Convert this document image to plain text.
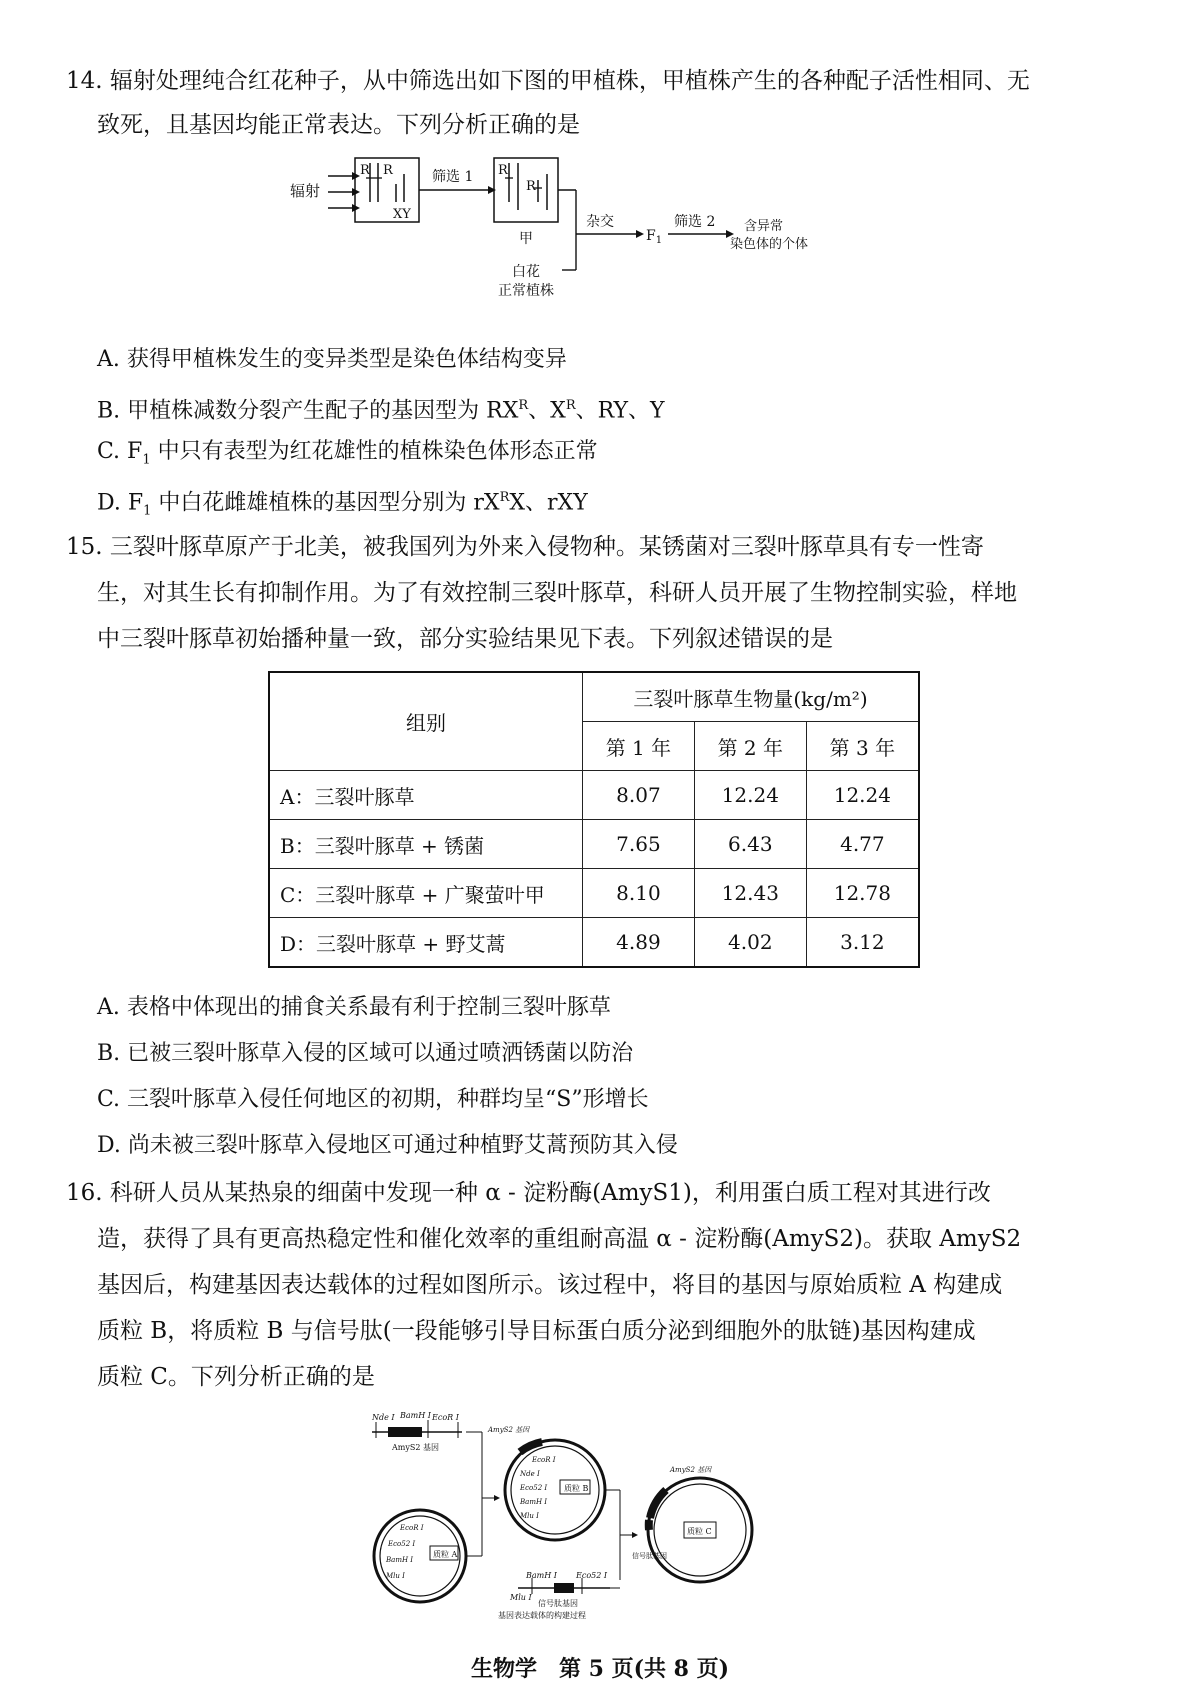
14. 辐射处理纯合红花种子，从中筛选出如下图的甲植株，甲植株产生的各种配子活性相同、无
致死，且基因均能正常表达。下列分析正确的是
辐射
R R
XY
筛选 1 R
R
甲
杂交
$F_1$
筛选 2 含异常
染色体的个体
白花
正常植株
A. 获得甲植株发生的变异类型是染色体结构变异
B. 甲植株减数分裂产生配子的基因型为 $RX^R$、$X^R$、RY、Y
C. $F_1$ 中只有表型为红花雄性的植株染色体形态正常
D. $F_1$ 中白花雌雄植株的基因型分别为 $rX^RX$、rXY
15. 三裂叶豚草原产于北美，被我国列为外来入侵物种。某锈菌对三裂叶豚草具有专一性寄
生，对其生长有抑制作用。为了有效控制三裂叶豚草，科研人员开展了生物控制实验，样地
中三裂叶豚草初始播种量一致，部分实验结果见下表。下列叙述错误的是
组别	三裂叶豚草生物量(kg/m²)		
	第 1 年	第 2 年	第 3 年
A：三裂叶豚草	8.07	12.24	12.24
B：三裂叶豚草 + 锈菌	7.65	6.43	4.77
C：三裂叶豚草 + 广聚萤叶甲	8.10	12.43	12.78
D：三裂叶豚草 + 野艾蒿	4.89	4.02	3.12
A. 表格中体现出的捕食关系最有利于控制三裂叶豚草
B. 已被三裂叶豚草入侵的区域可以通过喷洒锈菌以防治
C. 三裂叶豚草入侵任何地区的初期，种群均呈“S”形增长
D. 尚未被三裂叶豚草入侵地区可通过种植野艾蒿预防其入侵
16. 科研人员从某热泉的细菌中发现一种 α - 淀粉酶(AmyS1)，利用蛋白质工程对其进行改
造，获得了具有更高热稳定性和催化效率的重组耐高温 α - 淀粉酶(AmyS2)。获取 AmyS2
基因后，构建基因表达载体的过程如图所示。该过程中，将目的基因与原始质粒 A 构建成
质粒 B，将质粒 B 与信号肽(一段能够引导目标蛋白质分泌到细胞外的肽链)基因构建成
质粒 C。下列分析正确的是
Nde Ⅰ BamH Ⅰ EcoR Ⅰ
AmyS2 基因
质粒 A
EcoR Ⅰ
Eco52 Ⅰ
BamH Ⅰ
Mlu Ⅰ
AmyS2 基因
质粒 B
EcoR Ⅰ
Nde Ⅰ
Eco52 Ⅰ
BamH Ⅰ
Mlu Ⅰ
BamH Ⅰ Eco52 Ⅰ
Mlu Ⅰ
信号肽基因
基因表达载体的构建过程
AmyS2 基因
信号肽基因
质粒 C
生物学　第 5 页(共 8 页)
